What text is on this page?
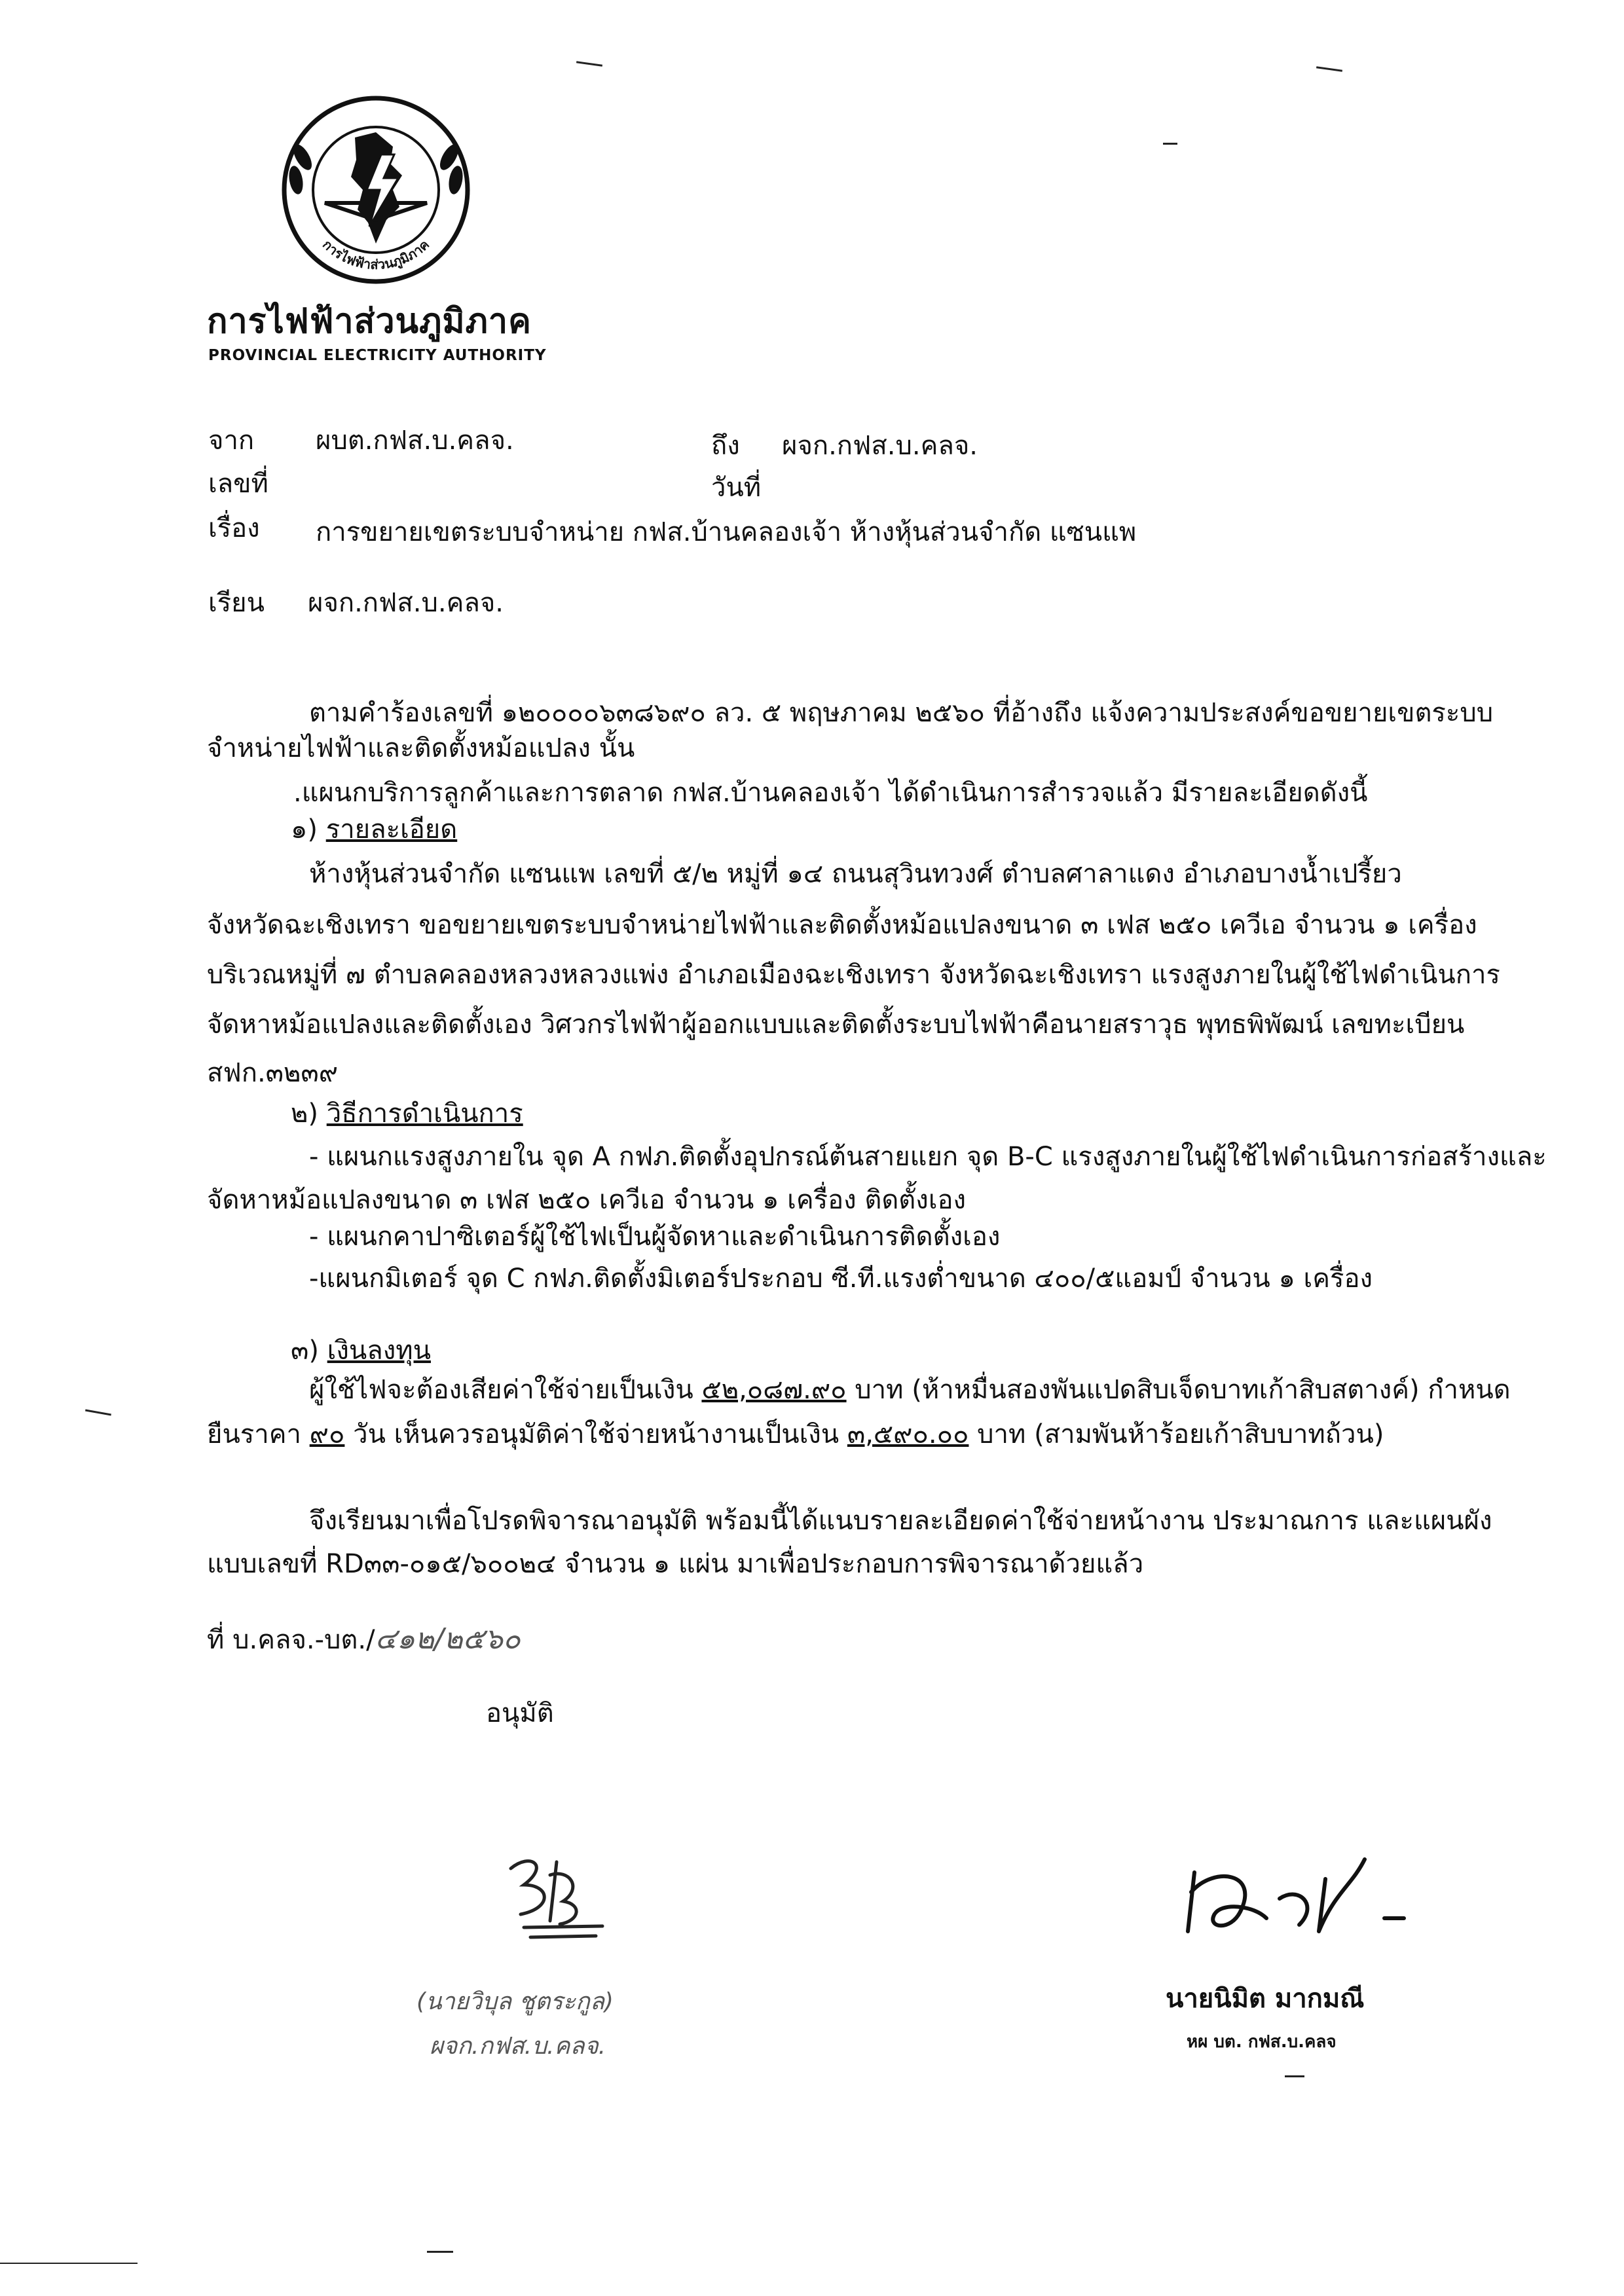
การไฟฟ้าส่วนภูมิภาค
การไฟฟ้าส่วนภูมิภาค
PROVINCIAL ELECTRICITY AUTHORITY
จาก ผบต.กฟส.บ.คลจ.	ถึง ผจก.กฟส.บ.คลจ.
เลขที่	วันที่
เรื่อง การขยายเขตระบบจำหน่าย กฟส.บ้านคลองเจ้า ห้างหุ้นส่วนจำกัด แซนแพ
เรียน ผจก.กฟส.บ.คลจ.
ตามคำร้องเลขที่ ๑๒๐๐๐๐๖๓๘๖๙๐ ลว. ๕ พฤษภาคม ๒๕๖๐ ที่อ้างถึง แจ้งความประสงค์ขอขยายเขตระบบ
จำหน่ายไฟฟ้าและติดตั้งหม้อแปลง นั้น
.แผนกบริการลูกค้าและการตลาด กฟส.บ้านคลองเจ้า ได้ดำเนินการสำรวจแล้ว มีรายละเอียดดังนี้
๑) รายละเอียด
ห้างหุ้นส่วนจำกัด แซนแพ เลขที่ ๕/๒ หมู่ที่ ๑๔ ถนนสุวินทวงศ์ ตำบลศาลาแดง อำเภอบางน้ำเปรี้ยว
จังหวัดฉะเชิงเทรา ขอขยายเขตระบบจำหน่ายไฟฟ้าและติดตั้งหม้อแปลงขนาด ๓ เฟส ๒๕๐ เควีเอ จำนวน ๑ เครื่อง
บริเวณหมู่ที่ ๗ ตำบลคลองหลวงหลวงแพ่ง อำเภอเมืองฉะเชิงเทรา จังหวัดฉะเชิงเทรา แรงสูงภายในผู้ใช้ไฟดำเนินการ
จัดหาหม้อแปลงและติดตั้งเอง วิศวกรไฟฟ้าผู้ออกแบบและติดตั้งระบบไฟฟ้าคือนายสราวุธ พุทธพิพัฒน์ เลขทะเบียน
สฟก.๓๒๓๙
๒) วิธีการดำเนินการ
- แผนกแรงสูงภายใน จุด A กฟภ.ติดตั้งอุปกรณ์ต้นสายแยก จุด B-C แรงสูงภายในผู้ใช้ไฟดำเนินการก่อสร้างและ
จัดหาหม้อแปลงขนาด ๓ เฟส ๒๕๐ เควีเอ จำนวน ๑ เครื่อง ติดตั้งเอง
- แผนกคาปาซิเตอร์ผู้ใช้ไฟเป็นผู้จัดหาและดำเนินการติดตั้งเอง
-แผนกมิเตอร์ จุด C กฟภ.ติดตั้งมิเตอร์ประกอบ ซี.ที.แรงต่ำขนาด ๔๐๐/๕แอมป์ จำนวน ๑ เครื่อง
๓) เงินลงทุน
ผู้ใช้ไฟจะต้องเสียค่าใช้จ่ายเป็นเงิน ๕๒,๐๘๗.๙๐ บาท (ห้าหมื่นสองพันแปดสิบเจ็ดบาทเก้าสิบสตางค์) กำหนด
ยืนราคา ๙๐ วัน เห็นควรอนุมัติค่าใช้จ่ายหน้างานเป็นเงิน ๓,๕๙๐.๐๐ บาท (สามพันห้าร้อยเก้าสิบบาทถ้วน)
จึงเรียนมาเพื่อโปรดพิจารณาอนุมัติ พร้อมนี้ได้แนบรายละเอียดค่าใช้จ่ายหน้างาน ประมาณการ และแผนผัง
แบบเลขที่ RD๓๓-๐๑๕/๖๐๐๒๔ จำนวน ๑ แผ่น มาเพื่อประกอบการพิจารณาด้วยแล้ว
ที่ บ.คลจ.-บต./๔๑๒/๒๕๖๐
อนุมัติ
(นายวิบุล ชูตระกูล)
ผจก.กฟส.บ.คลจ.
นายนิมิต มากมณี
หผ บต. กฟส.บ.คลจ
